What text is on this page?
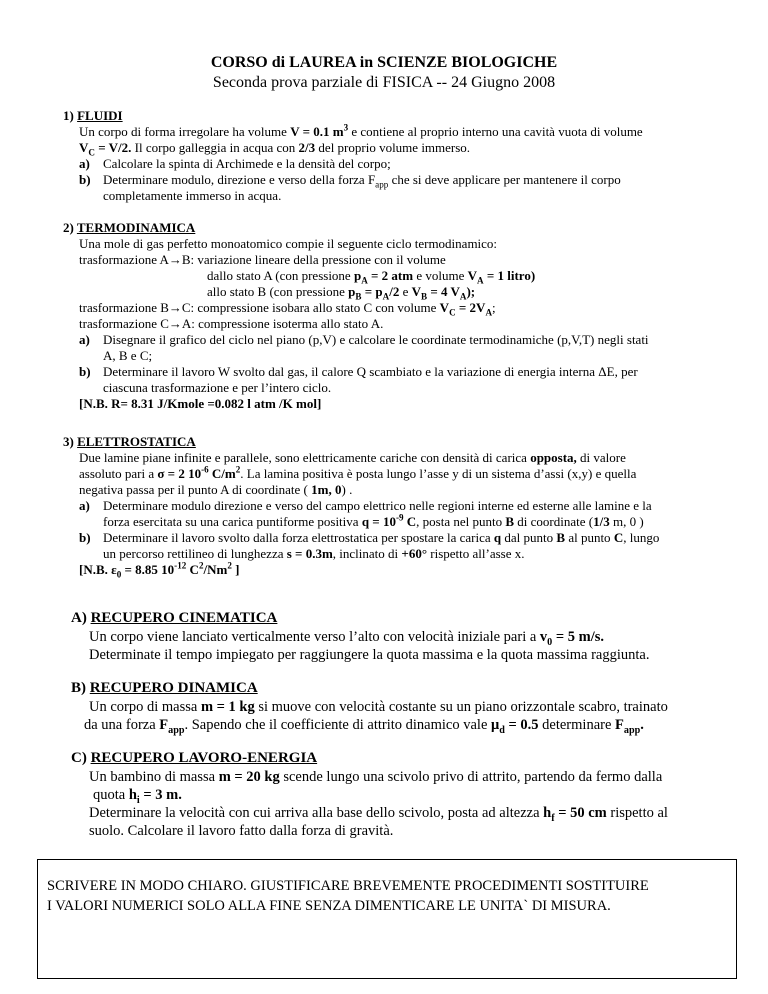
CORSO di LAUREA in SCIENZE BIOLOGICHE
Seconda prova parziale di FISICA -- 24 Giugno 2008
1) FLUIDI
Un corpo di forma irregolare ha volume V = 0.1 $m^3$ e contiene al proprio interno una cavità vuota di volume
$V_C = V/2$. Il corpo galleggia in acqua con 2/3 del proprio volume immerso.
a) Calcolare la spinta di Archimede e la densità del corpo;
b) Determinare modulo, direzione e verso della forza $F_{app}$ che si deve applicare per mantenere il corpo
completamente immerso in acqua.
2) TERMODINAMICA
Una mole di gas perfetto monoatomico compie il seguente ciclo termodinamico:
trasformazione A→B: variazione lineare della pressione con il volume
dallo stato A (con pressione $p_A = 2$ atm e volume $V_A = 1$ litro)
allo stato B (con pressione $p_B = p_A/2$ e $V_B = 4$ $V_A$);
trasformazione B→C: compressione isobara allo stato C con volume $V_C = 2V_A$;
trasformazione C→A: compressione isoterma allo stato A.
a) Disegnare il grafico del ciclo nel piano (p,V) e calcolare le coordinate termodinamiche (p,V,T) negli stati
A, B e C;
b) Determinare il lavoro W svolto dal gas, il calore Q scambiato e la variazione di energia interna ΔE, per
ciascuna trasformazione e per l’intero ciclo.
[N.B. R= 8.31 J/Kmole =0.082 l atm /K mol]
3) ELETTROSTATICA
Due lamine piane infinite e parallele, sono elettricamente cariche con densità di carica opposta, di valore
assoluto pari a σ = 2 $10^{-6}$ $C/m^2$. La lamina positiva è posta lungo l’asse y di un sistema d’assi (x,y) e quella
negativa passa per il punto A di coordinate ( 1m, 0) .
a) Determinare modulo direzione e verso del campo elettrico nelle regioni interne ed esterne alle lamine e la
forza esercitata su una carica puntiforme positiva $q = 10^{-9}$ C, posta nel punto B di coordinate (1/3 m, 0 )
b) Determinare il lavoro svolto dalla forza elettrostatica per spostare la carica q dal punto B al punto C, lungo
un percorso rettilineo di lunghezza s = 0.3m, inclinato di +60° rispetto all’asse x.
[N.B. $\varepsilon_0 = 8.85$ $10^{-12}$ $C^2/Nm^2$ ]
A) RECUPERO CINEMATICA
Un corpo viene lanciato verticalmente verso l’alto con velocità iniziale pari a $v_0 = 5$ m/s.
Determinate il tempo impiegato per raggiungere la quota massima e la quota massima raggiunta.
B) RECUPERO DINAMICA
Un corpo di massa m = 1 kg si muove con velocità costante su un piano orizzontale scabro, trainato
da una forza $F_{app}$. Sapendo che il coefficiente di attrito dinamico vale $\mu_d = 0.5$ determinare $F_{app}$.
C) RECUPERO LAVORO-ENERGIA
Un bambino di massa m = 20 kg scende lungo una scivolo privo di attrito, partendo da fermo dalla
quota $h_i = 3$ m.
Determinare la velocità con cui arriva alla base dello scivolo, posta ad altezza $h_f = 50$ cm rispetto al
suolo. Calcolare il lavoro fatto dalla forza di gravità.
SCRIVERE IN MODO CHIARO. GIUSTIFICARE BREVEMENTE PROCEDIMENTI SOSTITUIRE
I VALORI NUMERICI SOLO ALLA FINE SENZA DIMENTICARE LE UNITA` DI MISURA.
